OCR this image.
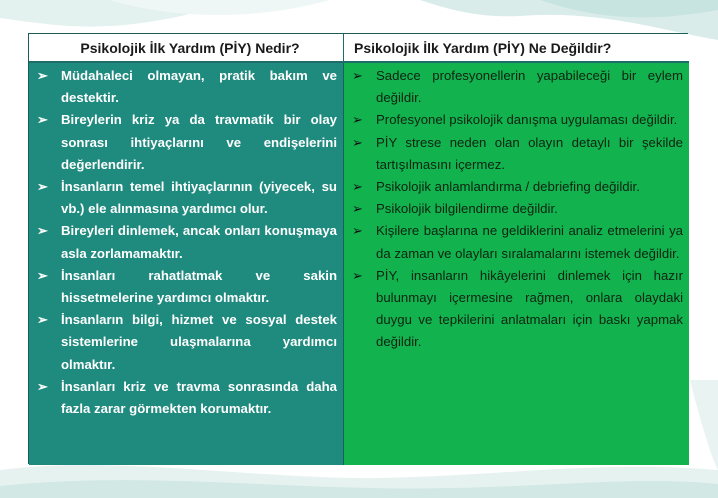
Psikolojik İlk Yardım (PİY) Nedir?	Psikolojik İlk Yardım (PİY) Ne Değildir?
➢ Müdahaleci olmayan, pratik bakım ve destektir.
➢ Bireylerin kriz ya da travmatik bir olay sonrası ihtiyaçlarını ve endişelerini değerlendirir.
➢ İnsanların temel ihtiyaçlarının (yiyecek, su vb.) ele alınmasına yardımcı olur.
➢ Bireyleri dinlemek, ancak onları konuşmaya asla zorlamamaktır.
➢ İnsanları rahatlatmak ve sakin hissetmelerine yardımcı olmaktır.
➢ İnsanların bilgi, hizmet ve sosyal destek sistemlerine ulaşmalarına yardımcı olmaktır.
➢ İnsanları kriz ve travma sonrasında daha fazla zarar görmekten korumaktır.
➢ Sadece profesyonellerin yapabileceği bir eylem değildir.
➢ Profesyonel psikolojik danışma uygulaması değildir.
➢ PİY strese neden olan olayın detaylı bir şekilde tartışılmasını içermez.
➢ Psikolojik anlamlandırma / debriefing değildir.
➢ Psikolojik bilgilendirme değildir.
➢ Kişilere başlarına ne geldiklerini analiz etmelerini ya da zaman ve olayları sıralamalarını istemek değildir.
➢ PİY, insanların hikâyelerini dinlemek için hazır bulunmayı içermesine rağmen, onlara olaydaki duygu ve tepkilerini anlatmaları için baskı yapmak değildir.
